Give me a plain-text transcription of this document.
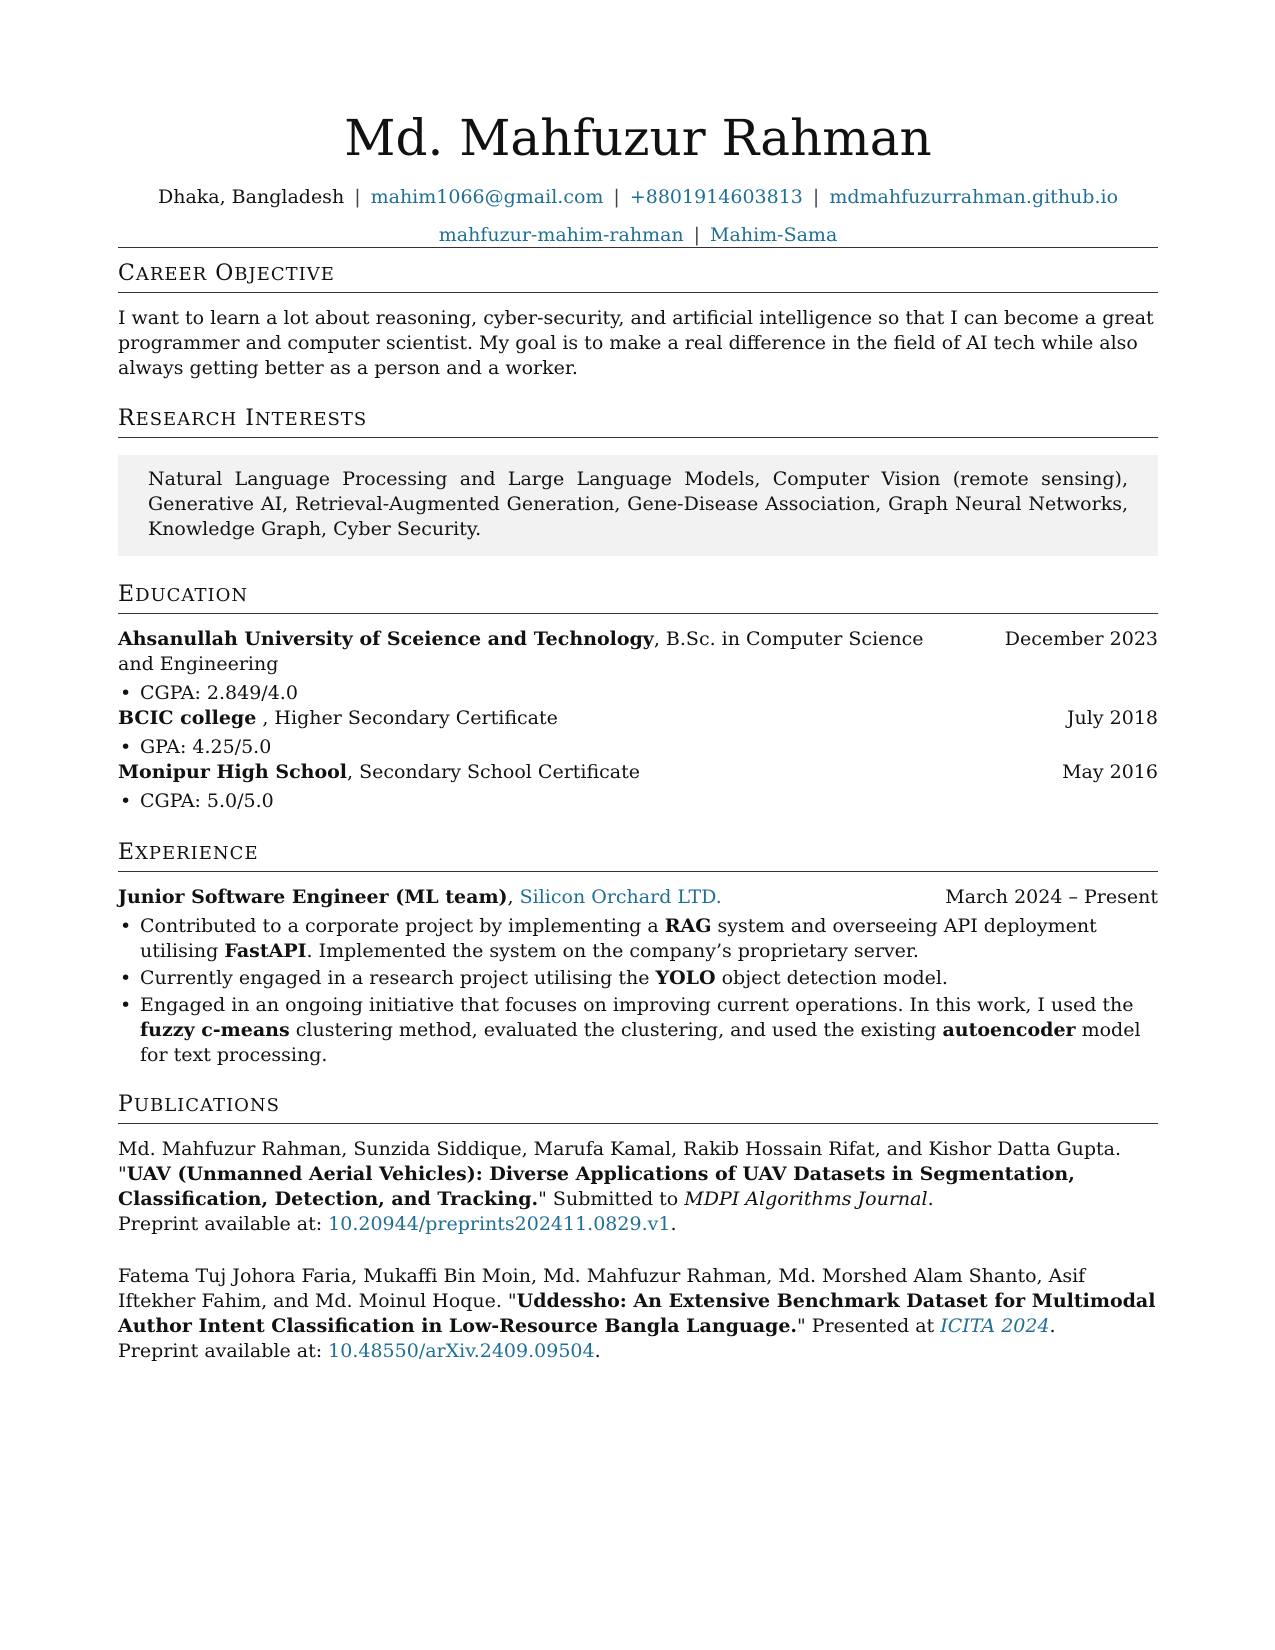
Md. Mahfuzur Rahman
Dhaka, Bangladesh | mahim1066@gmail.com | +8801914603813 | mdmahfuzurrahman.github.io
mahfuzur-mahim-rahman | Mahim-Sama
CAREER OBJECTIVE

I want to learn a lot about reasoning, cyber-security, and artificial intelligence so that I can become a great programmer and computer scientist. My goal is to make a real difference in the field of AI tech while also always getting better as a person and a worker.

RESEARCH INTERESTS
Natural Language Processing and Large Language Models, Computer Vision (remote sensing), Generative AI, Retrieval-Augmented Generation, Gene-Disease Association, Graph Neural Networks, Knowledge Graph, Cyber Security.
EDUCATION
Ahsanullah University of Sceience and Technology, B.Sc. in Computer Science	December 2023
and Engineering
• CGPA: 2.849/4.0
BCIC college , Higher Secondary Certificate	July 2018
• GPA: 4.25/5.0
Monipur High School, Secondary School Certificate	May 2016
• CGPA: 5.0/5.0
EXPERIENCE
Junior Software Engineer (ML team), Silicon Orchard LTD.	March 2024 – Present
• Contributed to a corporate project by implementing a RAG system and overseeing API deployment utilising FastAPI. Implemented the system on the company’s proprietary server.
• Currently engaged in a research project utilising the YOLO object detection model.
• Engaged in an ongoing initiative that focuses on improving current operations. In this work, I used the fuzzy c-means clustering method, evaluated the clustering, and used the existing autoencoder model for text processing.
PUBLICATIONS
Md. Mahfuzur Rahman, Sunzida Siddique, Marufa Kamal, Rakib Hossain Rifat, and Kishor Datta Gupta. "UAV (Unmanned Aerial Vehicles): Diverse Applications of UAV Datasets in Segmentation, Classification, Detection, and Tracking." Submitted to MDPI Algorithms Journal.
Preprint available at: 10.20944/preprints202411.0829.v1.
Fatema Tuj Johora Faria, Mukaffi Bin Moin, Md. Mahfuzur Rahman, Md. Morshed Alam Shanto, Asif Iftekher Fahim, and Md. Moinul Hoque. "Uddessho: An Extensive Benchmark Dataset for Multimodal Author Intent Classification in Low-Resource Bangla Language." Presented at ICITA 2024.
Preprint available at: 10.48550/arXiv.2409.09504.
